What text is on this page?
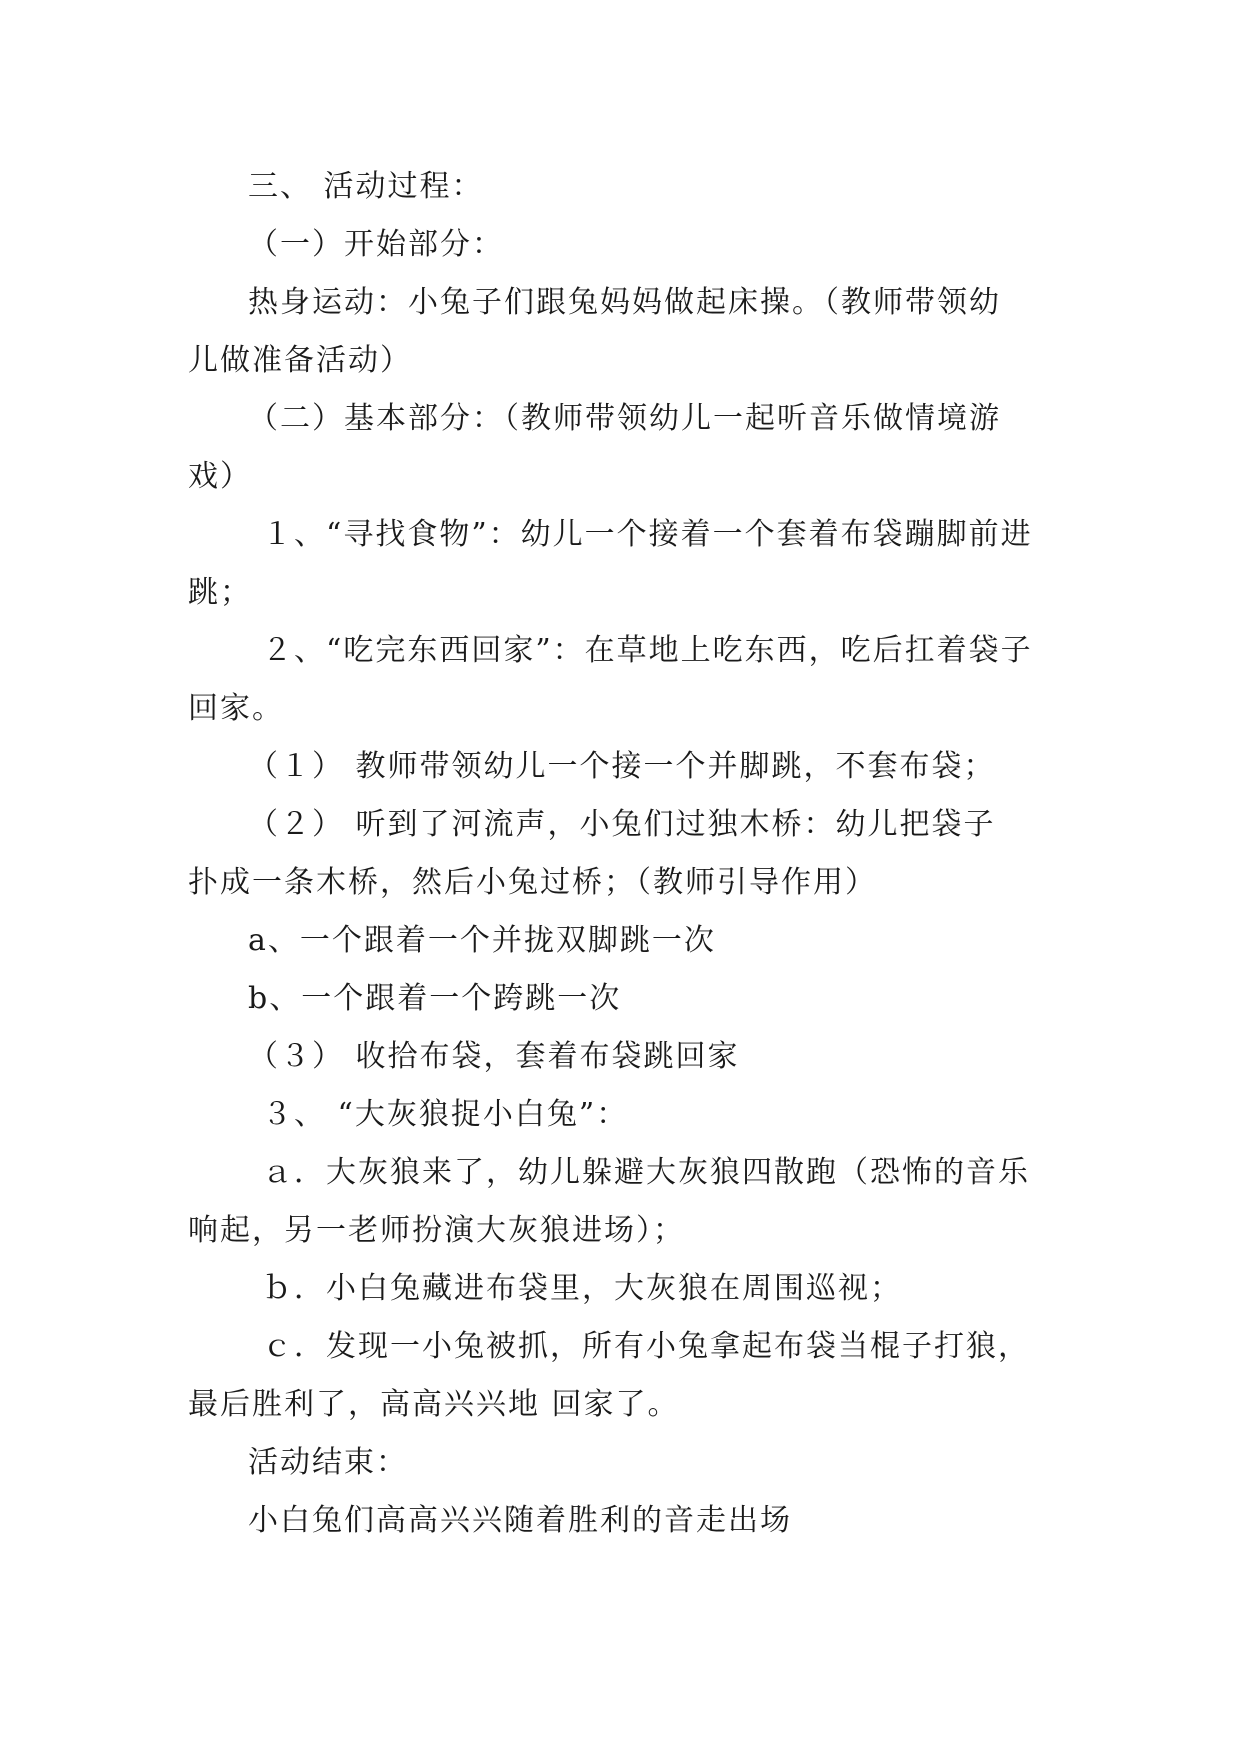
三、 活动过程：

（一）开始部分：

热身运动：小兔子们跟兔妈妈做起床操。（教师带领幼

儿做准备活动）

（二）基本部分：（教师带领幼儿一起听音乐做情境游

戏）

１、“寻找食物”：幼儿一个接着一个套着布袋蹦脚前进

跳；

２、“吃完东西回家”：在草地上吃东西，吃后扛着袋子

回家。

（１） 教师带领幼儿一个接一个并脚跳，不套布袋；

（２） 听到了河流声，小兔们过独木桥：幼儿把袋子

扑成一条木桥，然后小兔过桥；（教师引导作用）

a、一个跟着一个并拢双脚跳一次

b、一个跟着一个跨跳一次

（３） 收拾布袋，套着布袋跳回家

３、 “大灰狼捉小白兔”：

ａ．大灰狼来了，幼儿躲避大灰狼四散跑（恐怖的音乐

响起，另一老师扮演大灰狼进场）；

ｂ．小白兔藏进布袋里，大灰狼在周围巡视；

ｃ．发现一小兔被抓，所有小兔拿起布袋当棍子打狼，

最后胜利了，高高兴兴地 回家了。

活动结束：

小白兔们高高兴兴随着胜利的音走出场
